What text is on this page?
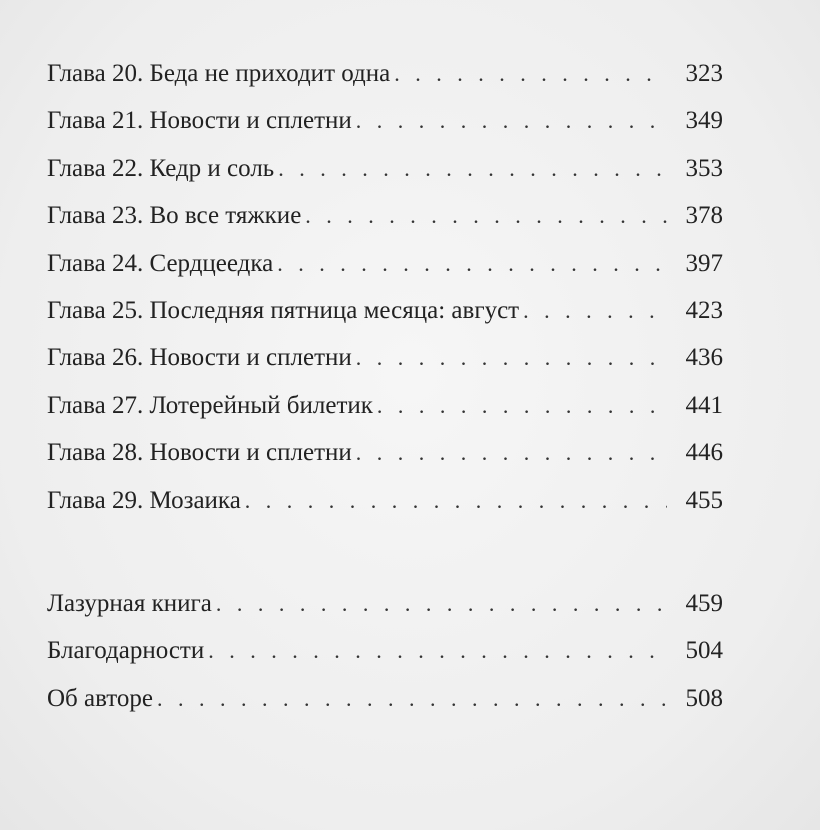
Глава 20. Беда не приходит одна . . .	323
Глава 21. Новости и сплетни . . .	349
Глава 22. Кедр и соль . . .	353
Глава 23. Во все тяжкие . . .	378
Глава 24. Сердцеедка . . .	397
Глава 25. Последняя пятница месяца: август . . .	423
Глава 26. Новости и сплетни . . .	436
Глава 27. Лотерейный билетик . . .	441
Глава 28. Новости и сплетни . . .	446
Глава 29. Мозаика . . .	455
Лазурная книга . . .	459
Благодарности . . .	504
Об авторе . . .	508
